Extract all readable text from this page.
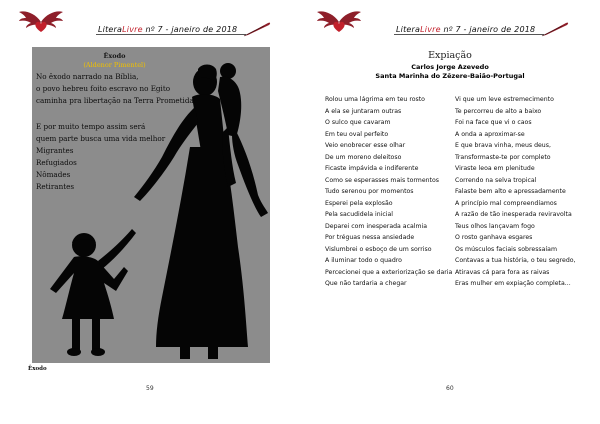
LiteraLivre nº 7 - janeiro de 2018
Êxodo
(Aldenor Pimentel)
No êxodo narrado na Bíblia,
o povo hebreu foito escravo no Egito
caminha pra libertação na Terra Prometida
E por muito tempo assim será
quem parte busca uma vida melhor
Migrantes
Refugiados
Nômades
Retirantes
Êxodo
59
LiteraLivre nº 7 - janeiro de 2018
Expiação
Carlos Jorge Azevedo
Santa Marinha do Zêzere-Baião-Portugal
Rolou uma lágrima em teu rosto
A ela se juntaram outras
O sulco que cavaram
Em teu oval perfeito
Veio enobrecer esse olhar
De um moreno deleitoso
Ficaste impávida e indiferente
Como se esperasses mais tormentos
Tudo serenou por momentos
Esperei pela explosão
Pela sacudidela inicial
Deparei com inesperada acalmia
Por tréguas nessa ansiedade
Vislumbrei o esboço de um sorriso
A iluminar todo o quadro
Percecionei que a exteriorização se daria
Que não tardaria a chegar
Vi que um leve estremecimento
Te percorreu de alto a baixo
Foi na face que vi o caos
A onda a aproximar-se
E que brava vinha, meus deus,
Transformaste-te por completo
Viraste leoa em plenitude
Correndo na selva tropical
Falaste bem alto e apressadamente
A princípio mal compreendíamos
A razão de tão inesperada reviravolta
Teus olhos lançavam fogo
O rosto ganhava esgares
Os músculos faciais sobressaíam
Contavas a tua história, o teu segredo,
Atiravas cá para fora as raivas
Eras mulher em expiação completa...
60
